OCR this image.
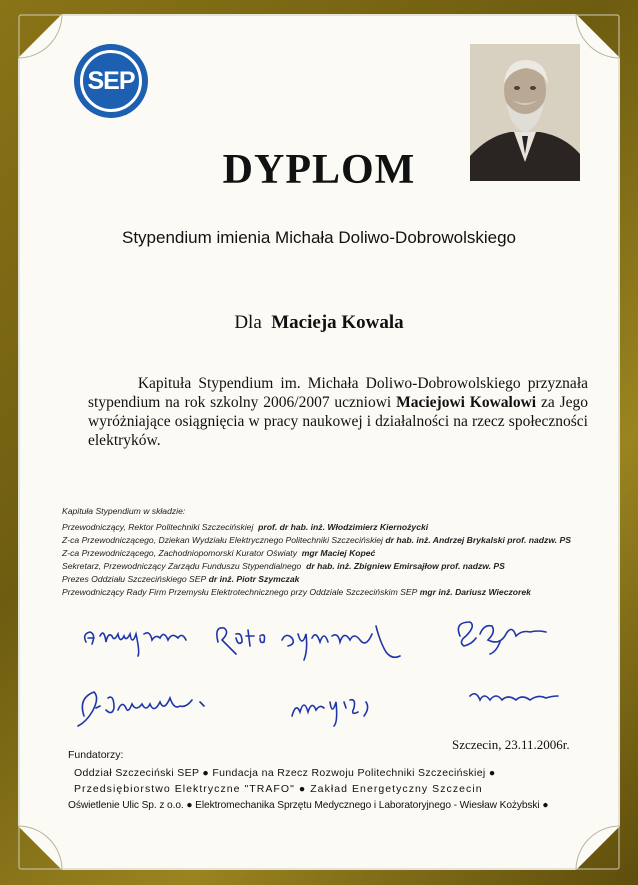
SEP
DYPLOM
Stypendium imienia Michała Doliwo-Dobrowolskiego
Dla Macieja Kowala
Kapituła Stypendium im. Michała Doliwo-Dobrowolskiego przyznała stypendium na rok szkolny 2006/2007 uczniowi Maciejowi Kowalowi za Jego wyróżniające osiągnięcia w pracy naukowej i działalności na rzecz społeczności elektryków.
Kapituła Stypendium w składzie:
Przewodniczący, Rektor Politechniki Szczecińskiej prof. dr hab. inż. Włodzimierz Kiernożycki
Z-ca Przewodniczącego, Dziekan Wydziału Elektrycznego Politechniki Szczecińskiej dr hab. inż. Andrzej Brykalski prof. nadzw. PS
Z-ca Przewodniczącego, Zachodniopomorski Kurator Oświaty mgr Maciej Kopeć
Sekretarz, Przewodniczący Zarządu Funduszu Stypendialnego dr hab. inż. Zbigniew Emirsajłow prof. nadzw. PS
Prezes Oddziału Szczecińskiego SEP dr inż. Piotr Szymczak
Przewodniczący Rady Firm Przemysłu Elektrotechnicznego przy Oddziale Szczecińskim SEP mgr inż. Dariusz Wieczorek
Szczecin, 23.11.2006r.
Fundatorzy:
Oddział Szczeciński SEP ● Fundacja na Rzecz Rozwoju Politechniki Szczecińskiej ●
Przedsiębiorstwo Elektryczne "TRAFO" ● Zakład Energetyczny Szczecin
Oświetlenie Ulic Sp. z o.o. ● Elektromechanika Sprzętu Medycznego i Laboratoryjnego - Wiesław Kożybski ●
